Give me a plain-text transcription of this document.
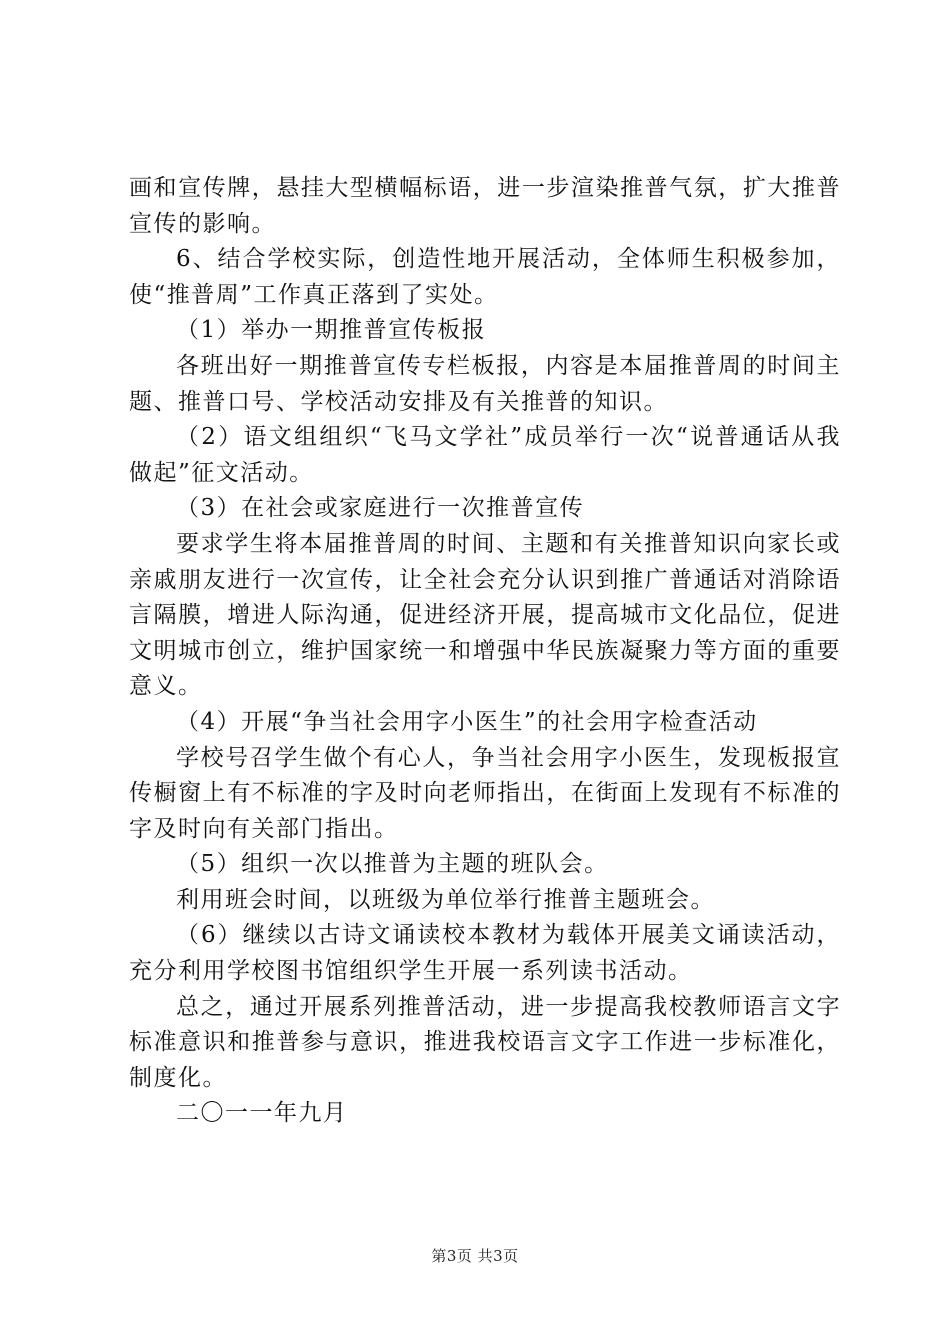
画和宣传牌，悬挂大型横幅标语，进一步渲染推普气氛，扩大推普宣传的影响。

6、结合学校实际，创造性地开展活动，全体师生积极参加，使“推普周”工作真正落到了实处。

（1）举办一期推普宣传板报

各班出好一期推普宣传专栏板报，内容是本届推普周的时间主题、推普口号、学校活动安排及有关推普的知识。

（2）语文组组织“飞马文学社”成员举行一次“说普通话从我做起”征文活动。

（3）在社会或家庭进行一次推普宣传

要求学生将本届推普周的时间、主题和有关推普知识向家长或亲戚朋友进行一次宣传，让全社会充分认识到推广普通话对消除语言隔膜，增进人际沟通，促进经济开展，提高城市文化品位，促进文明城市创立，维护国家统一和增强中华民族凝聚力等方面的重要意义。

（4）开展“争当社会用字小医生”的社会用字检查活动

学校号召学生做个有心人，争当社会用字小医生，发现板报宣传橱窗上有不标准的字及时向老师指出，在街面上发现有不标准的字及时向有关部门指出。

（5）组织一次以推普为主题的班队会。

利用班会时间，以班级为单位举行推普主题班会。

（6）继续以古诗文诵读校本教材为载体开展美文诵读活动，充分利用学校图书馆组织学生开展一系列读书活动。

总之，通过开展系列推普活动，进一步提高我校教师语言文字标准意识和推普参与意识，推进我校语言文字工作进一步标准化，制度化。

二〇一一年九月

第3页 共3页
